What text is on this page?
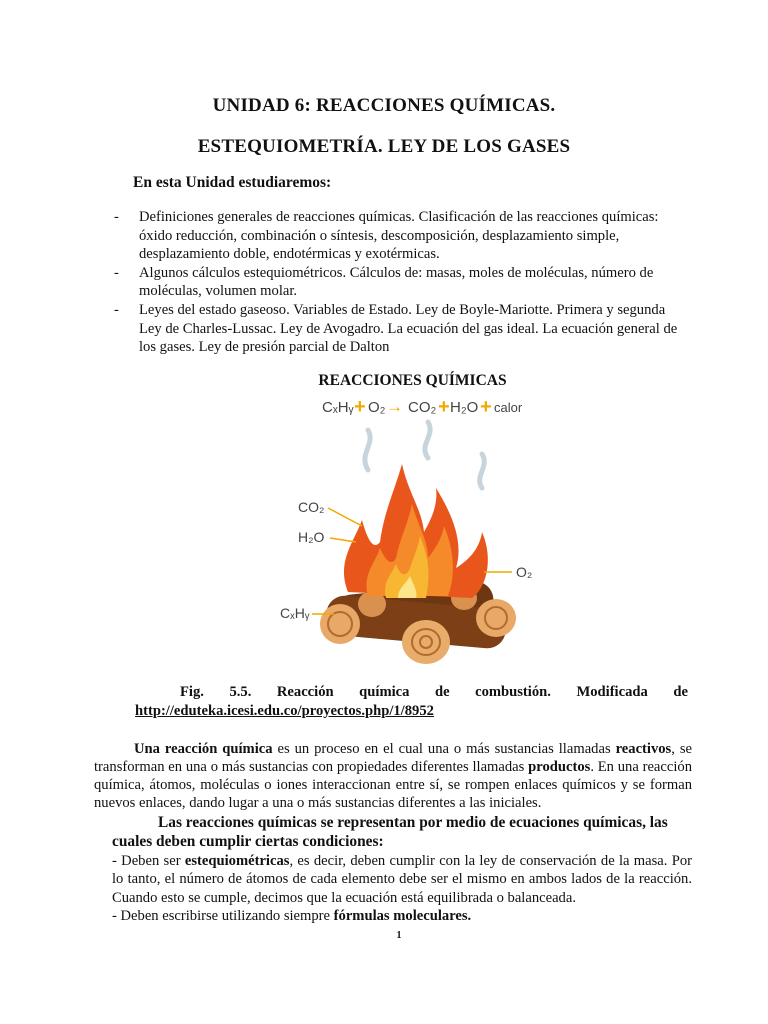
UNIDAD 6: REACCIONES QUÍMICAS.
ESTEQUIOMETRÍA. LEY DE LOS GASES
En esta Unidad estudiaremos:
- Definiciones generales de reacciones químicas. Clasificación de las reacciones químicas: óxido reducción, combinación o síntesis, descomposición, desplazamiento simple, desplazamiento doble, endotérmicas y exotérmicas.
- Algunos cálculos estequiométricos. Cálculos de: masas, moles de moléculas, número de moléculas, volumen molar.
- Leyes del estado gaseoso. Variables de Estado. Ley de Boyle-Mariotte. Primera y segunda Ley de Charles-Lussac. Ley de Avogadro. La ecuación del gas ideal. La ecuación general de los gases. Ley de presión parcial de Dalton
REACCIONES QUÍMICAS
CₓHᵧ + O₂ → CO₂ + H₂O + calor
CO₂
H₂O
O₂
CₓHᵧ
Fig. 5.5. Reacción química de combustión. Modificada de
http://eduteka.icesi.edu.co/proyectos.php/1/8952
Una reacción química es un proceso en el cual una o más sustancias llamadas reactivos, se transforman en una o más sustancias con propiedades diferentes llamadas productos. En una reacción química, átomos, moléculas o iones interaccionan entre sí, se rompen enlaces químicos y se forman nuevos enlaces, dando lugar a una o más sustancias diferentes a las iniciales.
Las reacciones químicas se representan por medio de ecuaciones químicas, las cuales deben cumplir ciertas condiciones:

- Deben ser estequiométricas, es decir, deben cumplir con la ley de conservación de la masa. Por lo tanto, el número de átomos de cada elemento debe ser el mismo en ambos lados de la reacción. Cuando esto se cumple, decimos que la ecuación está equilibrada o balanceada.

- Deben escribirse utilizando siempre fórmulas moleculares.

1
